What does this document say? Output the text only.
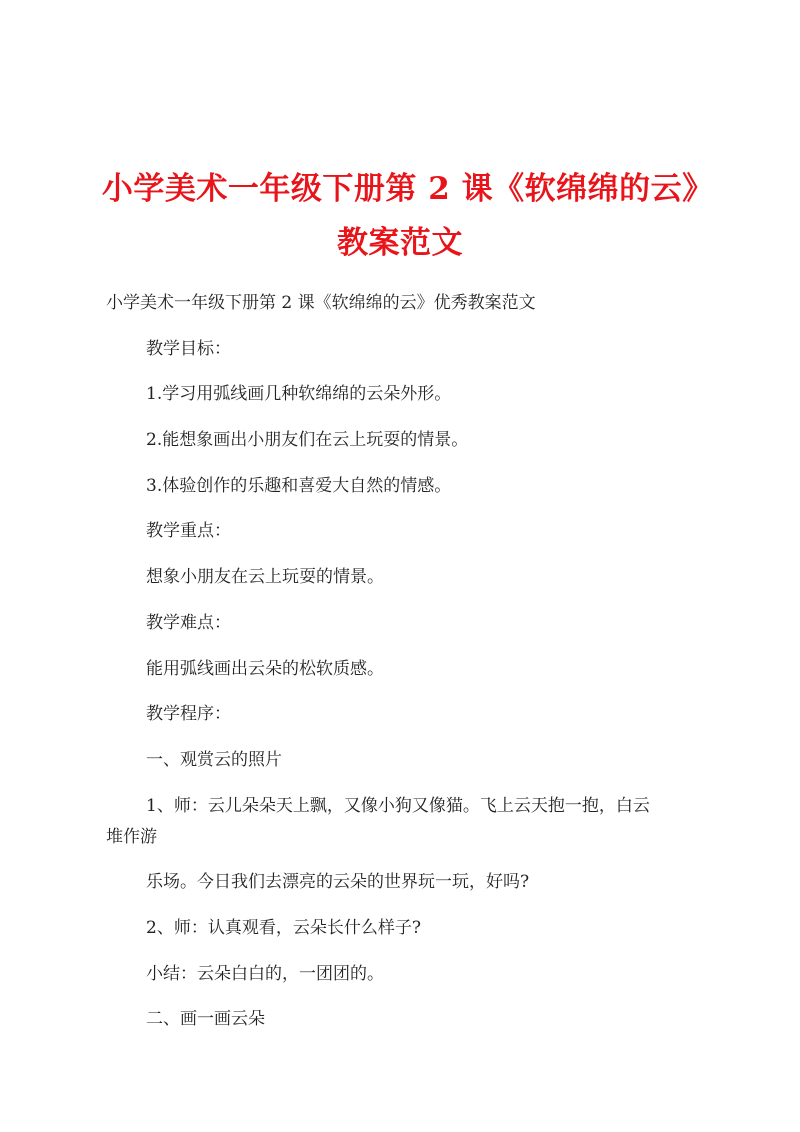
小学美术一年级下册第 2 课《软绵绵的云》教案范文

小学美术一年级下册第 2 课《软绵绵的云》优秀教案范文

教学目标：

1.学习用弧线画几种软绵绵的云朵外形。

2.能想象画出小朋友们在云上玩耍的情景。

3.体验创作的乐趣和喜爱大自然的情感。

教学重点：

想象小朋友在云上玩耍的情景。

教学难点：

能用弧线画出云朵的松软质感。

教学程序：

一、观赏云的照片

1、师：云儿朵朵天上飘，又像小狗又像猫。飞上云天抱一抱，白云

堆作游

乐场。今日我们去漂亮的云朵的世界玩一玩，好吗?

2、师：认真观看，云朵长什么样子?

小结：云朵白白的，一团团的。

二、画一画云朵
